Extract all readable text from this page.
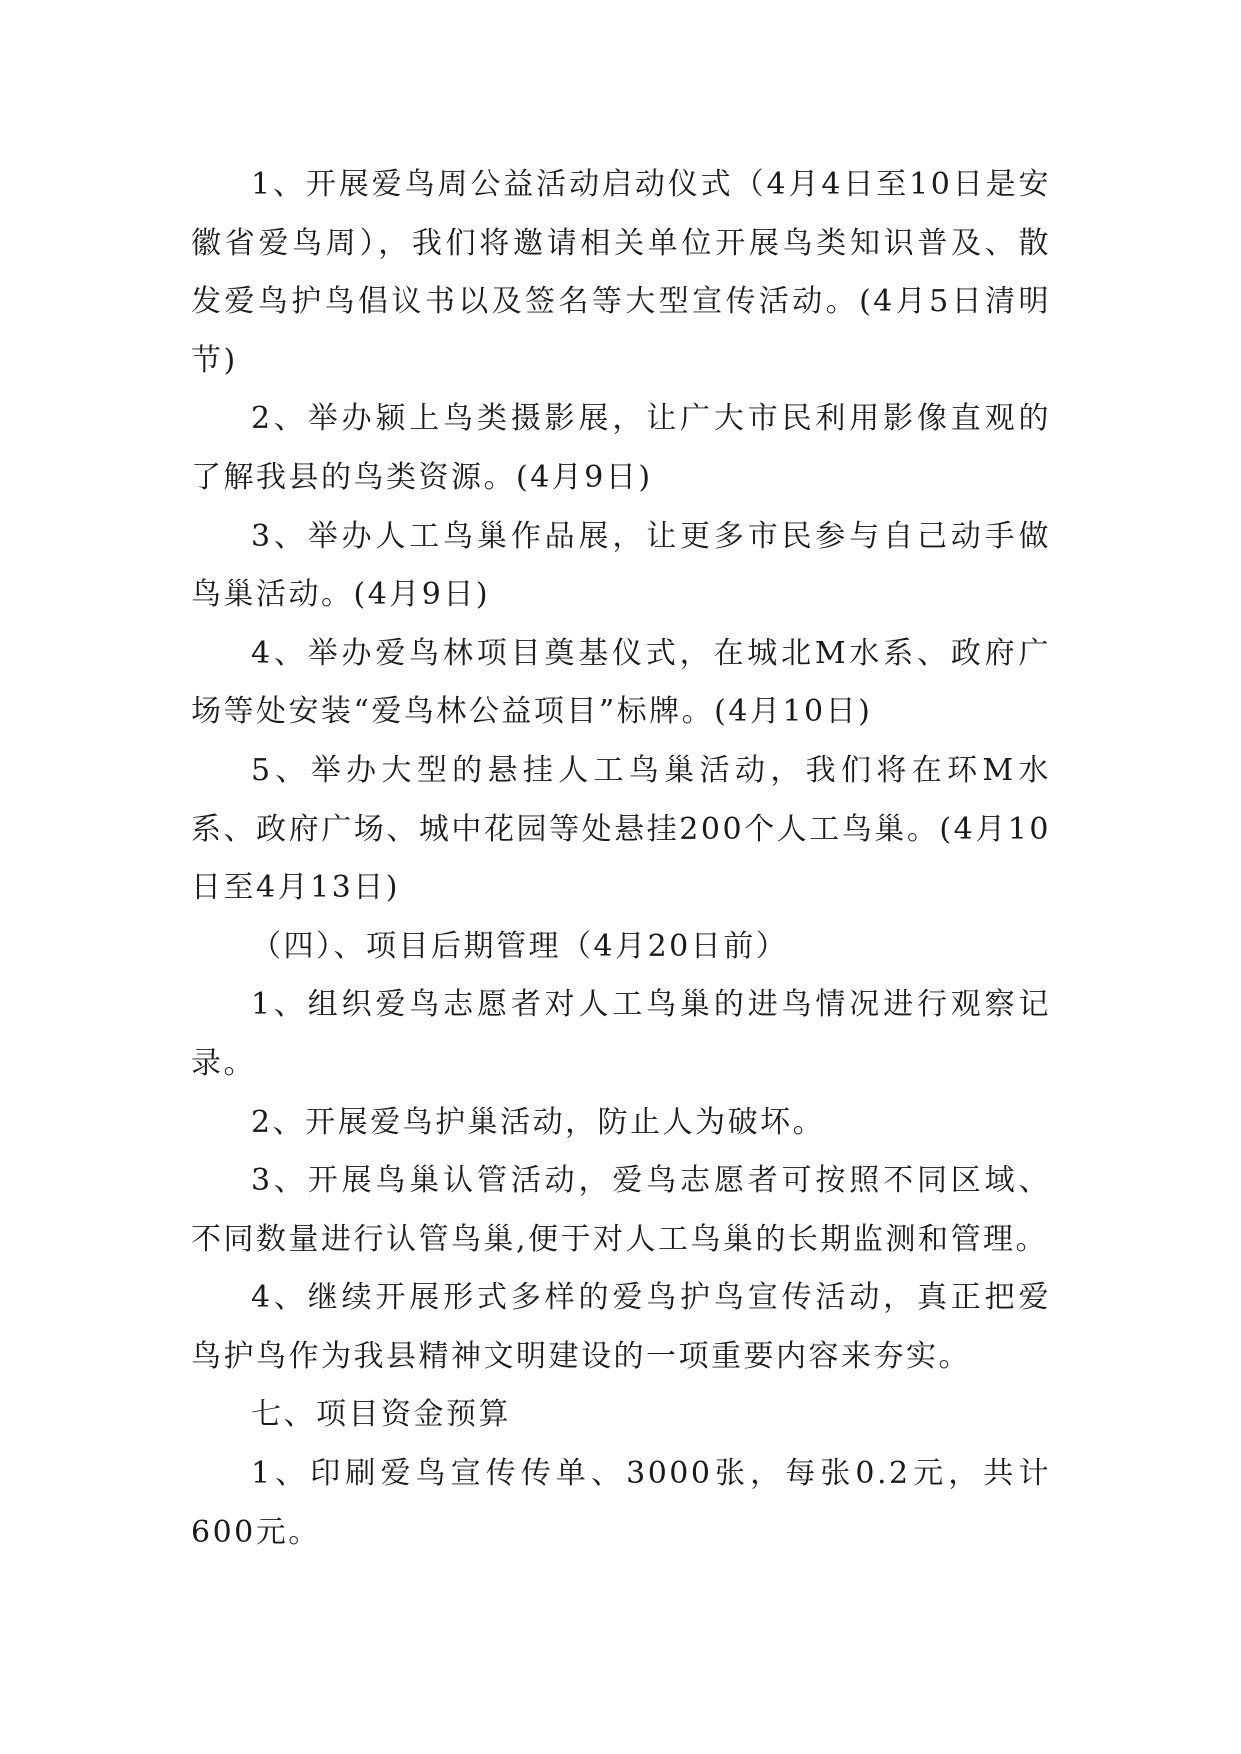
1、开展爱鸟周公益活动启动仪式（4月4日至10日是安徽省爱鸟周），我们将邀请相关单位开展鸟类知识普及、散发爱鸟护鸟倡议书以及签名等大型宣传活动。(4月5日清明节)

2、举办颍上鸟类摄影展，让广大市民利用影像直观的了解我县的鸟类资源。(4月9日)

3、举办人工鸟巢作品展，让更多市民参与自己动手做鸟巢活动。(4月9日)

4、举办爱鸟林项目奠基仪式，在城北M水系、政府广场等处安装“爱鸟林公益项目”标牌。(4月10日)

5、举办大型的悬挂人工鸟巢活动，我们将在环M水系、政府广场、城中花园等处悬挂200个人工鸟巢。(4月10日至4月13日)

（四）、项目后期管理（4月20日前）

1、组织爱鸟志愿者对人工鸟巢的进鸟情况进行观察记录。

2、开展爱鸟护巢活动，防止人为破坏。

3、开展鸟巢认管活动，爱鸟志愿者可按照不同区域、不同数量进行认管鸟巢,便于对人工鸟巢的长期监测和管理。

4、继续开展形式多样的爱鸟护鸟宣传活动，真正把爱鸟护鸟作为我县精神文明建设的一项重要内容来夯实。

七、项目资金预算

1、印刷爱鸟宣传传单、3000张，每张0.2元，共计600元。
